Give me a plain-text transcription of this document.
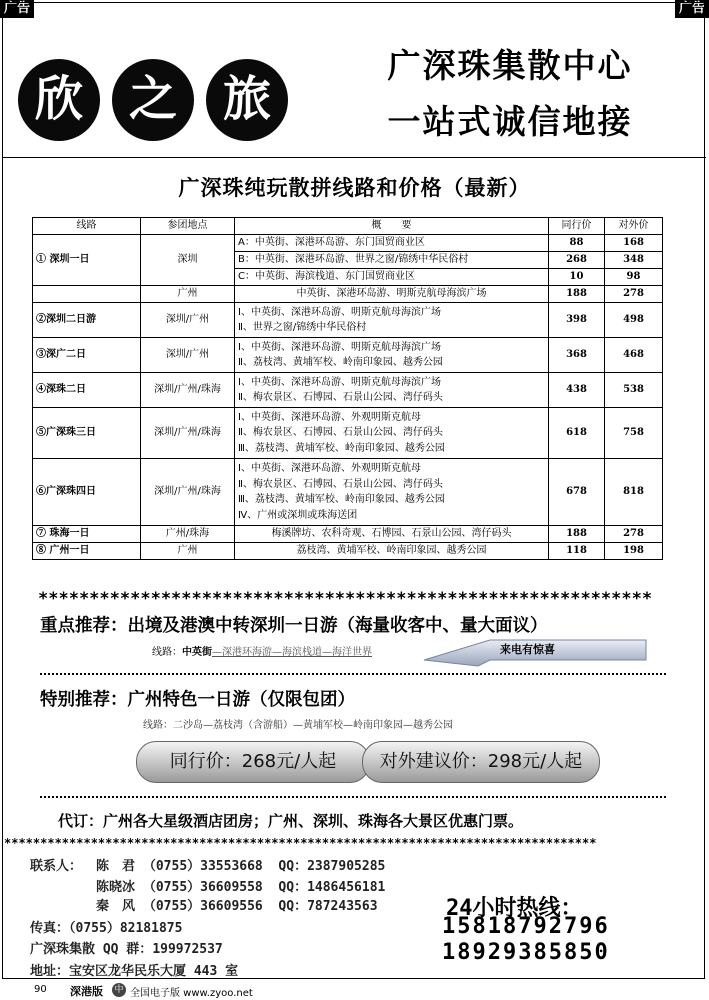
广告	广告
欣 之 旅
广深珠集散中心
一站式诚信地接
广深珠纯玩散拼线路和价格（最新）
线路	参团地点	概　　要	同行价	对外价
① 深圳一日	深圳	A：中英街、深港环岛游、东门国贸商业区	88	168
		B：中英街、深港环岛游、世界之窗/锦绣中华民俗村	268	348
		C：中英街、海滨栈道、东门国贸商业区	10	98
	广州	中英街、深港环岛游、明斯克航母海滨广场	188	278
②深圳二日游	深圳/广州	Ⅰ、中英街、深港环岛游、明斯克航母海滨广场
Ⅱ、世界之窗/锦绣中华民俗村	398	498
③深广二日	深圳/广州	Ⅰ、中英街、深港环岛游、明斯克航母海滨广场
Ⅱ、荔枝湾、黄埔军校、岭南印象园、越秀公园	368	468
④深珠二日	深圳/广州/珠海	Ⅰ、中英街、深港环岛游、明斯克航母海滨广场
Ⅱ、梅农景区、石博园、石景山公园、湾仔码头	438	538
⑤广深珠三日	深圳/广州/珠海	Ⅰ、中英街、深港环岛游、外观明斯克航母
Ⅱ、梅农景区、石博园、石景山公园、湾仔码头
Ⅲ、荔枝湾、黄埔军校、岭南印象园、越秀公园	618	758
⑥广深珠四日	深圳/广州/珠海	Ⅰ、中英街、深港环岛游、外观明斯克航母
Ⅱ、梅农景区、石博园、石景山公园、湾仔码头
Ⅲ、荔枝湾、黄埔军校、岭南印象园、越秀公园
Ⅳ、广州或深圳或珠海送团	678	818
⑦ 珠海一日	广州/珠海	梅溪牌坊、农科奇观、石博园、石景山公园、湾仔码头	188	278
⑧ 广州一日	广州	荔枝湾、黄埔军校、岭南印象园、越秀公园	118	198
************************************************************
重点推荐：出境及港澳中转深圳一日游（海量收客中、量大面议）
线路：中英街—深港环海游—海滨栈道—海洋世界	来电有惊喜
特别推荐：广州特色一日游（仅限包团）
线路：二沙岛—荔枝湾（含游船）—黄埔军校—岭南印象园—越秀公园
同行价：268元/人起	对外建议价：298元/人起
代订：广州各大星级酒店团房；广州、深圳、珠海各大景区优惠门票。
**********************************************************************************
联系人： 陈　君 （0755）33553668 QQ：2387905285
陈晓冰 （0755）36609558 QQ：1486456181
秦　风 （0755）36609556 QQ：787243563
传真：（0755）82181875
广深珠集散 QQ 群：199972537
地址：宝安区龙华民乐大厦 443 室
24小时热线：
15818792796
18929385850
90 深港版 中 全国电子版 www.zyoo.net
